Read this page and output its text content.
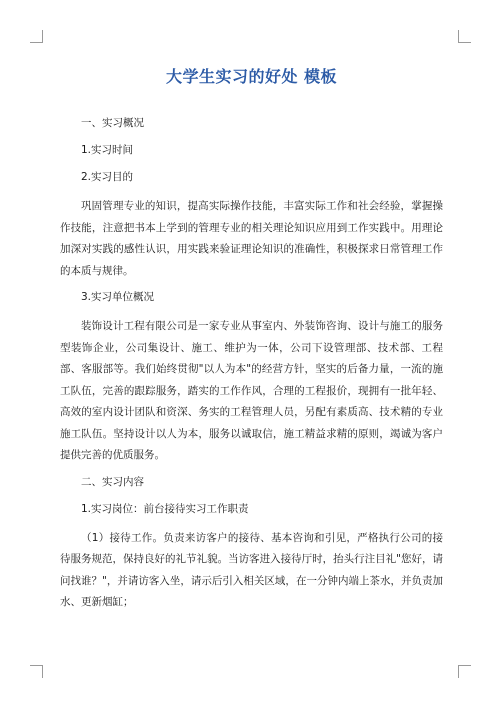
大学生实习的好处 模板
一、实习概况
1.实习时间
2.实习目的
巩固管理专业的知识，提高实际操作技能，丰富实际工作和社会经验，掌握操作技能，注意把书本上学到的管理专业的相关理论知识应用到工作实践中。用理论加深对实践的感性认识，用实践来验证理论知识的准确性，积极探求日常管理工作的本质与规律。
3.实习单位概况
装饰设计工程有限公司是一家专业从事室内、外装饰咨询、设计与施工的服务型装饰企业，公司集设计、施工、维护为一体，公司下设管理部、技术部、工程部、客服部等。我们始终贯彻"以人为本"的经营方针，坚实的后备力量，一流的施工队伍，完善的跟踪服务，踏实的工作作风，合理的工程报价，现拥有一批年轻、高效的室内设计团队和资深、务实的工程管理人员，另配有素质高、技术精的专业施工队伍。坚持设计以人为本，服务以诚取信，施工精益求精的原则，竭诚为客户提供完善的优质服务。
二、实习内容
1.实习岗位：前台接待实习工作职责
（1）接待工作。负责来访客户的接待、基本咨询和引见，严格执行公司的接待服务规范，保持良好的礼节礼貌。当访客进入接待厅时，抬头行注目礼"您好，请问找谁？"，并请访客入坐，请示后引入相关区域，在一分钟内端上茶水，并负责加水、更新烟缸；
